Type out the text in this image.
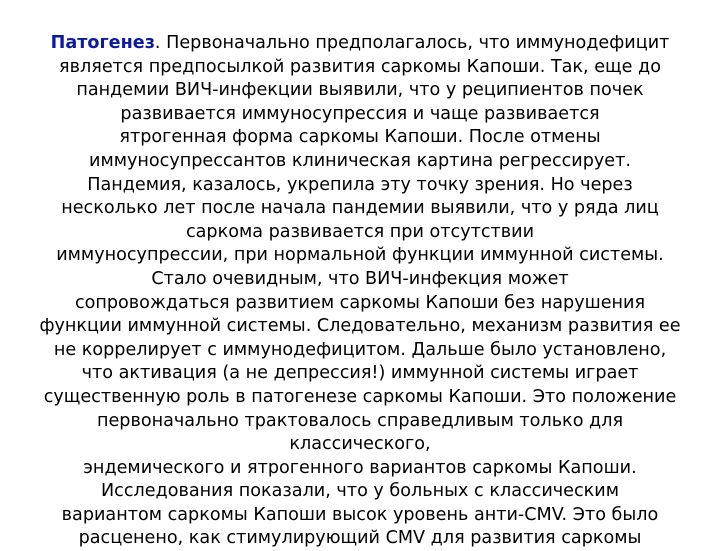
Патогенез. Первоначально предполагалось, что иммунодефицит
является предпосылкой развития саркомы Капоши. Так, еще до
пандемии ВИЧ-инфекции выявили, что у реципиентов почек
развивается иммуносупрессия и чаще развивается
ятрогенная форма саркомы Капоши. После отмены
иммуносупрессантов клиническая картина регрессирует.
Пандемия, казалось, укрепила эту точку зрения. Но через
несколько лет после начала пандемии выявили, что у ряда лиц
саркома развивается при отсутствии
иммуносупрессии, при нормальной функции иммунной системы.
Стало очевидным, что ВИЧ-инфекция может
сопровождаться развитием саркомы Капоши без нарушения
функции иммунной системы. Следовательно, механизм развития ее
не коррелирует с иммунодефицитом. Дальше было установлено,
что активация (а не депрессия!) иммунной системы играет
существенную роль в патогенезе саркомы Капоши. Это положение
первоначально трактовалось справедливым только для
классического,
эндемического и ятрогенного вариантов саркомы Капоши.
Исследования показали, что у больных с классическим
вариантом саркомы Капоши высок уровень анти-CMV. Это было
расценено, как стимулирующий CMV для развития саркомы
